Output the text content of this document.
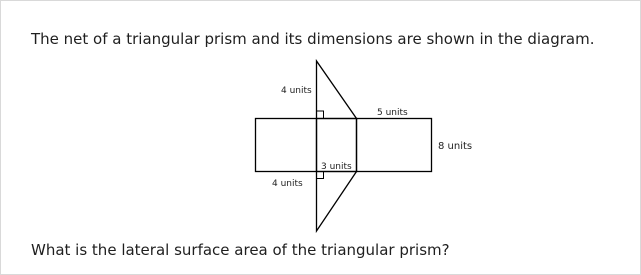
The net of a triangular prism and its dimensions are shown in the diagram.
4 units
5 units
8 units
3 units
4 units
What is the lateral surface area of the triangular prism?
